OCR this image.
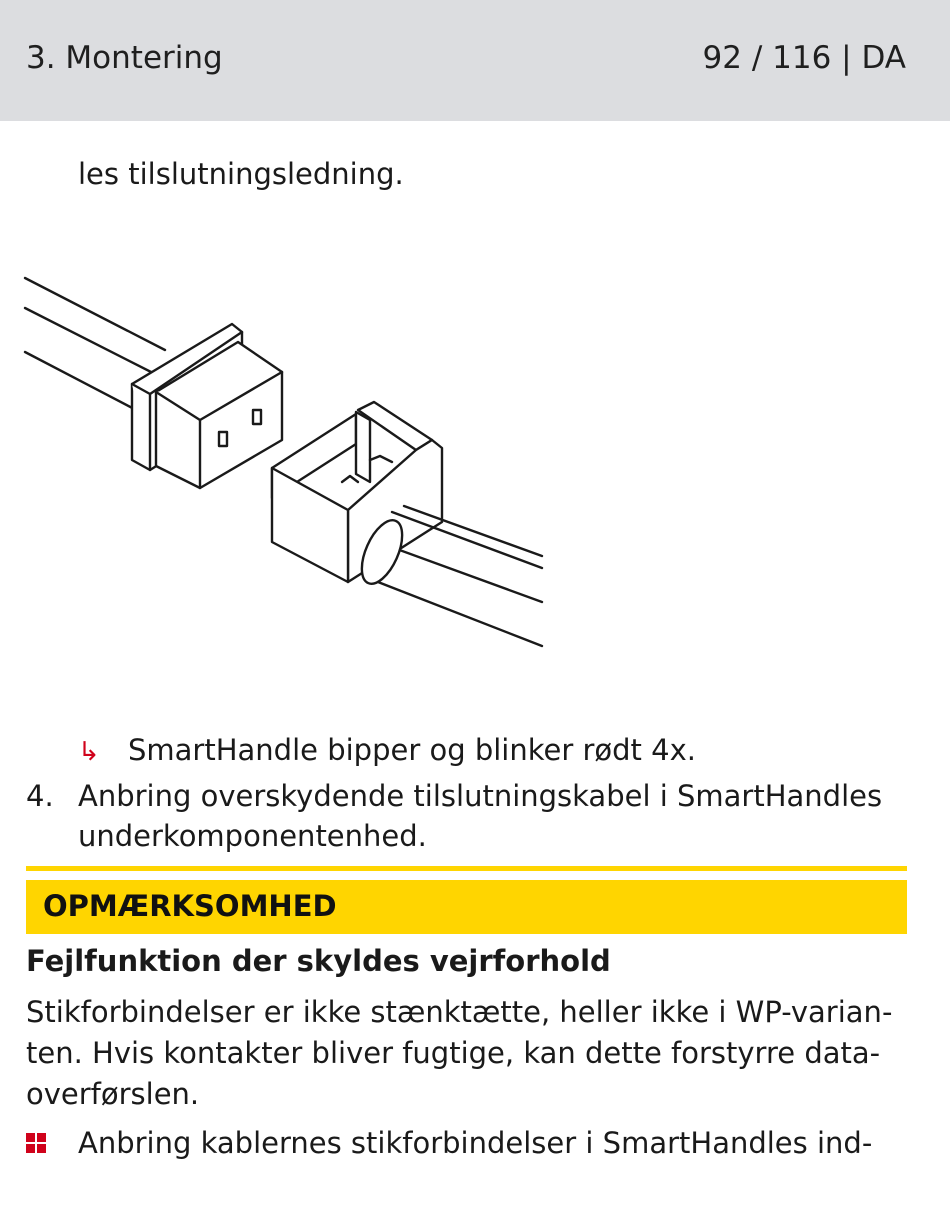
3. Montering	92 / 116 | DA
les tilslutningsledning.
↳ SmartHandle bipper og blinker rødt 4x.
4. Anbring overskydende tilslutningskabel i SmartHandles
underkomponentenhed.
OPMÆRKSOMHED
Fejlfunktion der skyldes vejrforhold
Stikforbindelser er ikke stænktætte, heller ikke i WP-varian-
ten. Hvis kontakter bliver fugtige, kan dette forstyrre data-
overførslen.
Anbring kablernes stikforbindelser i SmartHandles ind-
